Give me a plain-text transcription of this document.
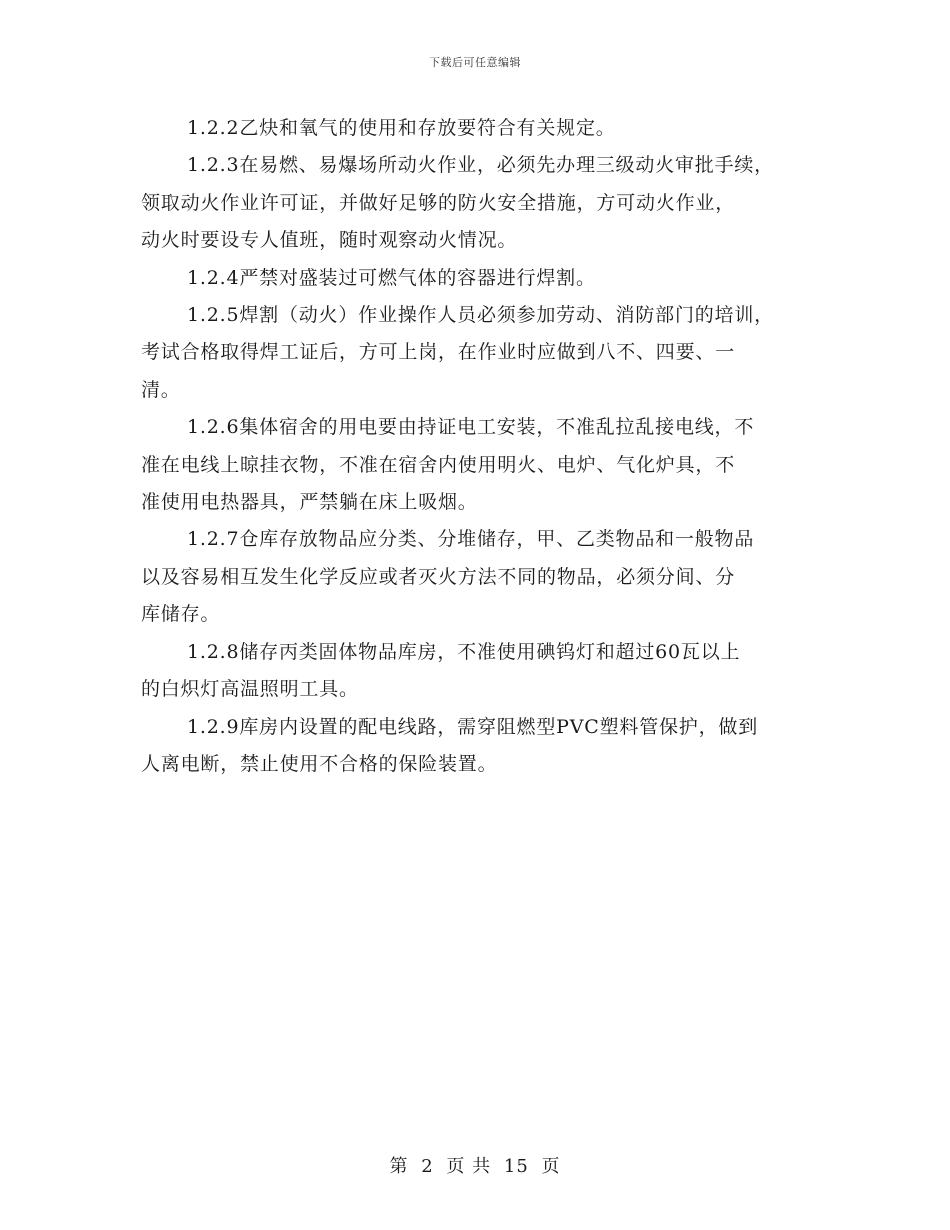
下载后可任意编辑

1.2.2乙炔和氧气的使用和存放要符合有关规定。

1.2.3在易燃、易爆场所动火作业，必须先办理三级动火审批手续，
领取动火作业许可证，并做好足够的防火安全措施，方可动火作业，
动火时要设专人值班，随时观察动火情况。

1.2.4严禁对盛装过可燃气体的容器进行焊割。

1.2.5焊割（动火）作业操作人员必须参加劳动、消防部门的培训，
考试合格取得焊工证后，方可上岗，在作业时应做到八不、四要、一
清。

1.2.6集体宿舍的用电要由持证电工安装，不准乱拉乱接电线，不
准在电线上晾挂衣物，不准在宿舍内使用明火、电炉、气化炉具，不
准使用电热器具，严禁躺在床上吸烟。

1.2.7仓库存放物品应分类、分堆储存，甲、乙类物品和一般物品
以及容易相互发生化学反应或者灭火方法不同的物品，必须分间、分
库储存。

1.2.8储存丙类固体物品库房，不准使用碘钨灯和超过60瓦以上
的白炽灯高温照明工具。

1.2.9库房内设置的配电线路，需穿阻燃型PVC塑料管保护，做到
人离电断，禁止使用不合格的保险装置。

第 2 页 共 15 页
